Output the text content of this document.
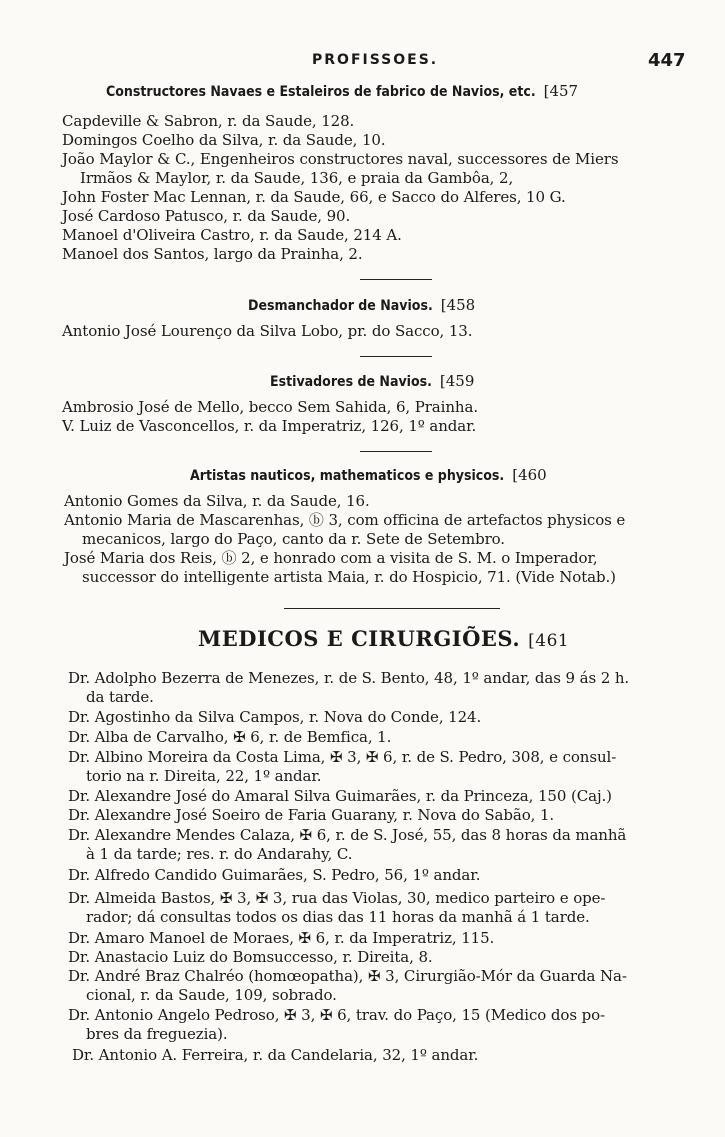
PROFISSOES.	447
Constructores Navaes e Estaleiros de fabrico de Navios, etc. [457
Capdeville & Sabron, r. da Saude, 128.
Domingos Coelho da Silva, r. da Saude, 10.
João Maylor & C., Engenheiros constructores naval, successores de Miers
Irmãos & Maylor, r. da Saude, 136, e praia da Gambôa, 2,
John Foster Mac Lennan, r. da Saude, 66, e Sacco do Alferes, 10 G.
José Cardoso Patusco, r. da Saude, 90.
Manoel d'Oliveira Castro, r. da Saude, 214 A.
Manoel dos Santos, largo da Prainha, 2.
Desmanchador de Navios. [458
Antonio José Lourenço da Silva Lobo, pr. do Sacco, 13.
Estivadores de Navios. [459
Ambrosio José de Mello, becco Sem Sahida, 6, Prainha.
V. Luiz de Vasconcellos, r. da Imperatriz, 126, 1º andar.
Artistas nauticos, mathematicos e physicos. [460
Antonio Gomes da Silva, r. da Saude, 16.
Antonio Maria de Mascarenhas, ⓑ 3, com officina de artefactos physicos e
mecanicos, largo do Paço, canto da r. Sete de Setembro.
José Maria dos Reis, ⓑ 2, e honrado com a visita de S. M. o Imperador,
successor do intelligente artista Maia, r. do Hospicio, 71. (Vide Notab.)
MEDICOS E CIRURGIÕES. [461
Dr. Adolpho Bezerra de Menezes, r. de S. Bento, 48, 1º andar, das 9 ás 2 h.
da tarde.
Dr. Agostinho da Silva Campos, r. Nova do Conde, 124.
Dr. Alba de Carvalho, ✠ 6, r. de Bemfica, 1.
Dr. Albino Moreira da Costa Lima, ✠ 3, ✠ 6, r. de S. Pedro, 308, e consul-
torio na r. Direita, 22, 1º andar.
Dr. Alexandre José do Amaral Silva Guimarães, r. da Princeza, 150 (Caj.)
Dr. Alexandre José Soeiro de Faria Guarany, r. Nova do Sabão, 1.
Dr. Alexandre Mendes Calaza, ✠ 6, r. de S. José, 55, das 8 horas da manhã
à 1 da tarde; res. r. do Andarahy, C.
Dr. Alfredo Candido Guimarães, S. Pedro, 56, 1º andar.
Dr. Almeida Bastos, ✠ 3, ✠ 3, rua das Violas, 30, medico parteiro e ope-
rador; dá consultas todos os dias das 11 horas da manhã á 1 tarde.
Dr. Amaro Manoel de Moraes, ✠ 6, r. da Imperatriz, 115.
Dr. Anastacio Luiz do Bomsuccesso, r. Direita, 8.
Dr. André Braz Chalréo (homœopatha), ✠ 3, Cirurgião-Mór da Guarda Na-
cional, r. da Saude, 109, sobrado.
Dr. Antonio Angelo Pedroso, ✠ 3, ✠ 6, trav. do Paço, 15 (Medico dos po-
bres da freguezia).
Dr. Antonio A. Ferreira, r. da Candelaria, 32, 1º andar.
